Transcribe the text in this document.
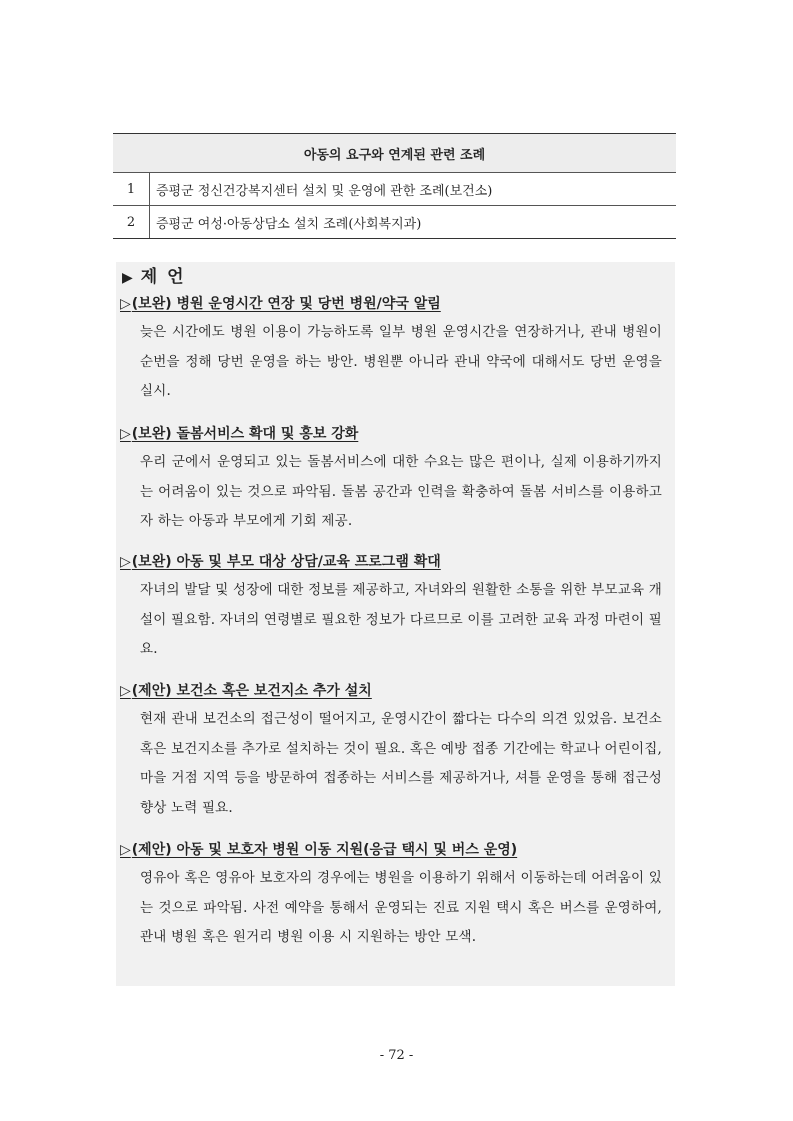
아동의 요구와 연계된 관련 조례	
1	증평군 정신건강복지센터 설치 및 운영에 관한 조례(보건소)
2	증평군 여성·아동상담소 설치 조례(사회복지과)
▶ 제 언
▷(보완) 병원 운영시간 연장 및 당번 병원/약국 알림
늦은 시간에도 병원 이용이 가능하도록 일부 병원 운영시간을 연장하거나, 관내 병원이 순번을 정해 당번 운영을 하는 방안. 병원뿐 아니라 관내 약국에 대해서도 당번 운영을 실시.
▷(보완) 돌봄서비스 확대 및 홍보 강화
우리 군에서 운영되고 있는 돌봄서비스에 대한 수요는 많은 편이나, 실제 이용하기까지는 어려움이 있는 것으로 파악됨. 돌봄 공간과 인력을 확충하여 돌봄 서비스를 이용하고자 하는 아동과 부모에게 기회 제공.
▷(보완) 아동 및 부모 대상 상담/교육 프로그램 확대
자녀의 발달 및 성장에 대한 정보를 제공하고, 자녀와의 원활한 소통을 위한 부모교육 개설이 필요함. 자녀의 연령별로 필요한 정보가 다르므로 이를 고려한 교육 과정 마련이 필요.
▷(제안) 보건소 혹은 보건지소 추가 설치
현재 관내 보건소의 접근성이 떨어지고, 운영시간이 짧다는 다수의 의견 있었음. 보건소 혹은 보건지소를 추가로 설치하는 것이 필요. 혹은 예방 접종 기간에는 학교나 어린이집, 마을 거점 지역 등을 방문하여 접종하는 서비스를 제공하거나, 셔틀 운영을 통해 접근성 향상 노력 필요.
▷(제안) 아동 및 보호자 병원 이동 지원(응급 택시 및 버스 운영)
영유아 혹은 영유아 보호자의 경우에는 병원을 이용하기 위해서 이동하는데 어려움이 있는 것으로 파악됨. 사전 예약을 통해서 운영되는 진료 지원 택시 혹은 버스를 운영하여, 관내 병원 혹은 원거리 병원 이용 시 지원하는 방안 모색.
- 72 -
